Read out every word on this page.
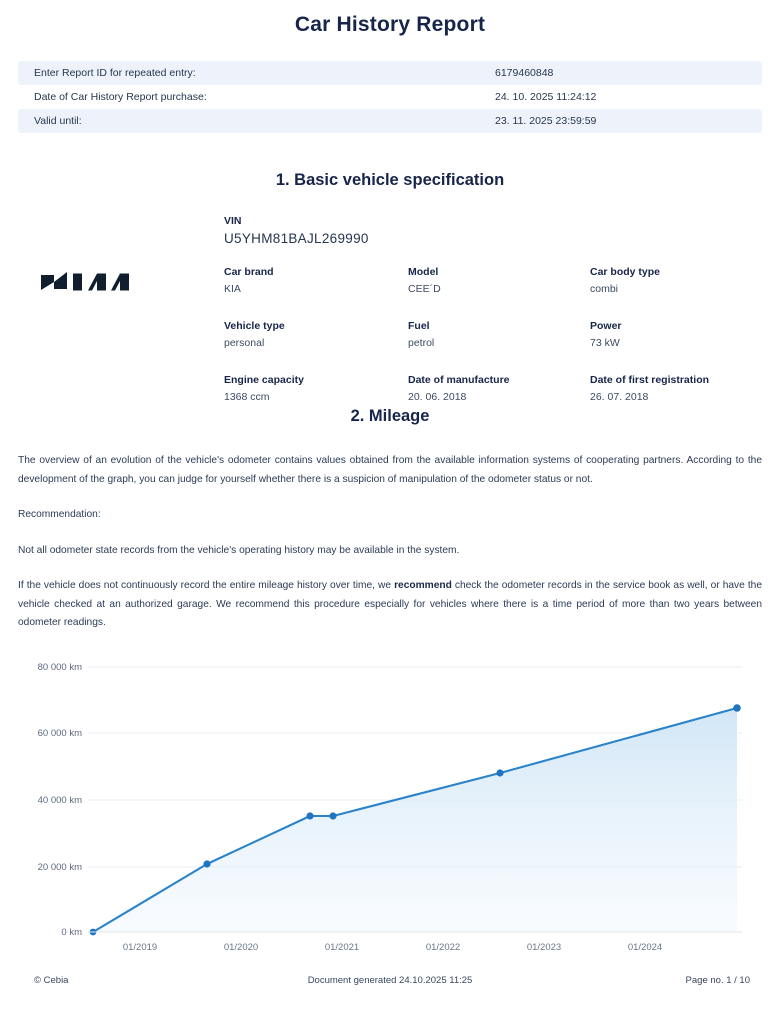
Car History Report
Enter Report ID for repeated entry:	6179460848
Date of Car History Report purchase:	24. 10. 2025 11:24:12
Valid until:	23. 11. 2025 23:59:59
1. Basic vehicle specification
VIN
U5YHM81BAJL269990
Car brand
KIA
Model
CEE´D
Car body type
combi
Vehicle type
personal
Fuel
petrol
Power
73 kW
Engine capacity
1368 ccm
Date of manufacture
20. 06. 2018
Date of first registration
26. 07. 2018
2. Mileage

The overview of an evolution of the vehicle's odometer contains values obtained from the available information systems of cooperating partners. According to the development of the graph, you can judge for yourself whether there is a suspicion of manipulation of the odometer status or not.

Recommendation:

Not all odometer state records from the vehicle's operating history may be available in the system.

If the vehicle does not continuously record the entire mileage history over time, we recommend check the odometer records in the service book as well, or have the vehicle checked at an authorized garage. We recommend this procedure especially for vehicles where there is a time period of more than two years between odometer readings.

80 000 km
60 000 km
40 000 km
20 000 km
0 km
01/2019	01/2020	01/2021	01/2022	01/2023	01/2024
© Cebia	Document generated 24.10.2025 11:25	Page no. 1 / 10
